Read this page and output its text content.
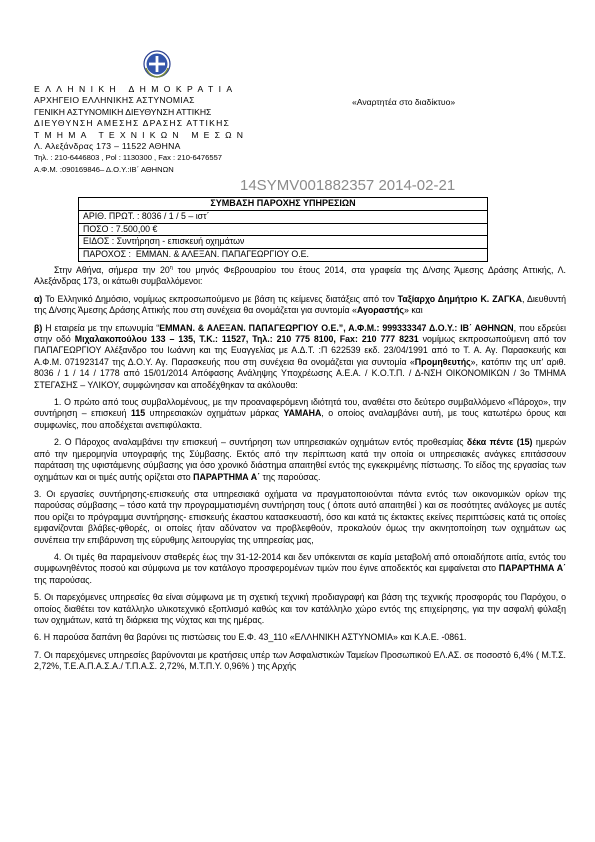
ΕΛΛΗΝΙΚΗ ΔΗΜΟΚΡΑΤΙΑ
ΑΡΧΗΓΕΙΟ ΕΛΛΗΝΙΚΗΣ ΑΣΤΥΝΟΜΙΑΣ
ΓΕΝΙΚΗ ΑΣΤΥΝΟΜΙΚΗ ΔΙΕΥΘΥΝΣΗ ΑΤΤΙΚΗΣ
ΔΙΕΥΘΥΝΣΗ ΑΜΕΣΗΣ ΔΡΑΣΗΣ ΑΤΤΙΚΗΣ
ΤΜΗΜΑ ΤΕΧΝΙΚΩΝ ΜΕΣΩΝ
Λ. Αλεξάνδρας 173 – 11522 ΑΘΗΝΑ
Τηλ. : 210-6446803 , Pol : 1130300 , Fax : 210-6476557
Α.Φ.Μ. :090169846– Δ.Ο.Υ.:ΙΒ΄ ΑΘΗΝΩΝ
«Αναρτητέα στο διαδίκτυο»
14SYMV001882357 2014-02-21
ΣΥΜΒΑΣΗ ΠΑΡΟΧΗΣ ΥΠΗΡΕΣΙΩΝ
ΑΡΙΘ. ΠΡΩΤ. : 8036 / 1 / 5 – ιστ΄
ΠΟΣΟ : 7.500,00 €
ΕΙΔΟΣ : Συντήρηση - επισκευή οχημάτων
ΠΑΡΟΧΟΣ : ΕΜΜΑΝ. & ΑΛΕΞΑΝ. ΠΑΠΑΓΕΩΡΓΙΟΥ Ο.Ε.

Στην Αθήνα, σήμερα την $20^\eta$ του μηνός Φεβρουαρίου του έτους 2014, στα γραφεία της Δ/νσης Άμεσης Δράσης Αττικής, Λ. Αλεξάνδρας 173, οι κάτωθι συμβαλλόμενοι:

α) Το Ελληνικό Δημόσιο, νομίμως εκπροσωπούμενο με βάση τις κείμενες διατάξεις από τον Ταξίαρχο Δημήτριο Κ. ΖΑΓΚΑ, Διευθυντή της Δ/νσης Άμεσης Δράσης Αττικής που στη συνέχεια θα ονομάζεται για συντομία «Αγοραστής» και

β) Η εταιρεία με την επωνυμία “ΕΜΜΑΝ. & ΑΛΕΞΑΝ. ΠΑΠΑΓΕΩΡΓΙΟΥ Ο.Ε.”, Α.Φ.Μ.: 999333347 Δ.Ο.Υ.: ΙΒ΄ ΑΘΗΝΩΝ, που εδρεύει στην οδό Μιχαλακοπούλου 133 – 135, Τ.Κ.: 11527, Τηλ.: 210 775 8100, Fax: 210 777 8231 νομίμως εκπροσωπούμενη από τον ΠΑΠΑΓΕΩΡΓΙΟΥ Αλέξανδρο του Ιωάννη και της Ευαγγελίας με Α.Δ.Τ. :Π 622539 εκδ. 23/04/1991 από το Τ. Α. Αγ. Παρασκευής και Α.Φ.Μ. 071923147 της Δ.Ο.Υ. Αγ. Παρασκευής που στη συνέχεια θα ονομάζεται για συντομία «Προμηθευτής», κατόπιν της υπ' αριθ. 8036 / 1 / 14 / 1778 από 15/01/2014 Απόφασης Ανάληψης Υποχρέωσης Α.Ε.Α. / Κ.Ο.Τ.Π. / Δ-ΝΣΗ ΟΙΚΟΝΟΜΙΚΩΝ / 3ο ΤΜΗΜΑ ΣΤΕΓΑΣΗΣ – ΥΛΙΚΟΥ, συμφώνησαν και αποδέχθηκαν τα ακόλουθα:

1. Ο πρώτο από τους συμβαλλομένους, με την προαναφερόμενη ιδιότητά του, αναθέτει στο δεύτερο συμβαλλόμενο «Πάροχο», την συντήρηση – επισκευή 115 υπηρεσιακών οχημάτων μάρκας YAMAHA, ο οποίος αναλαμβάνει αυτή, με τους κατωτέρω όρους και συμφωνίες, που αποδέχεται ανεπιφύλακτα.

2. Ο Πάροχος αναλαμβάνει την επισκευή – συντήρηση των υπηρεσιακών οχημάτων εντός προθεσμίας δέκα πέντε (15) ημερών από την ημερομηνία υπογραφής της Σύμβασης. Εκτός από την περίπτωση κατά την οποία οι υπηρεσιακές ανάγκες επιτάσσουν παράταση της υφιστάμενης σύμβασης για όσο χρονικό διάστημα απαιτηθεί εντός της εγκεκριμένης πίστωσης. Το είδος της εργασίας των οχημάτων και οι τιμές αυτής ορίζεται στο ΠΑΡΑΡΤΗΜΑ Α΄ της παρούσας.

3. Οι εργασίες συντήρησης-επισκευής στα υπηρεσιακά οχήματα να πραγματοποιούνται πάντα εντός των οικονομικών ορίων της παρούσας σύμβασης – τόσο κατά την προγραμματισμένη συντήρηση τους ( όποτε αυτό απαιτηθεί ) και σε ποσότητες ανάλογες με αυτές που ορίζει το πρόγραμμα συντήρησης- επισκευής έκαστου κατασκευαστή, όσο και κατά τις έκτακτες εκείνες περιπτώσεις κατά τις οποίες εμφανίζονται βλάβες-φθορές, οι οποίες ήταν αδύνατον να προβλεφθούν, προκαλούν όμως την ακινητοποίηση των οχημάτων ως συνέπεια την επιβάρυνση της εύρυθμης λειτουργίας της υπηρεσίας μας,

4. Οι τιμές θα παραμείνουν σταθερές έως την 31-12-2014 και δεν υπόκεινται σε καμία μεταβολή από οποιαδήποτε αιτία, εντός του συμφωνηθέντος ποσού και σύμφωνα με τον κατάλογο προσφερομένων τιμών που έγινε αποδεκτός και εμφαίνεται στο ΠΑΡΑΡΤΗΜΑ Α΄ της παρούσας.

5. Οι παρεχόμενες υπηρεσίες θα είναι σύμφωνα με τη σχετική τεχνική προδιαγραφή και βάση της τεχνικής προσφοράς του Παρόχου, ο οποίος διαθέτει τον κατάλληλο υλικοτεχνικό εξοπλισμό καθώς και τον κατάλληλο χώρο εντός της επιχείρησης, για την ασφαλή φύλαξη των οχημάτων, κατά τη διάρκεια της νύχτας και της ημέρας.

6. Η παρούσα δαπάνη θα βαρύνει τις πιστώσεις του Ε.Φ. 43_110 «ΕΛΛΗΝΙΚΗ ΑΣΤΥΝΟΜΙΑ» και Κ.Α.Ε. -0861.

7. Οι παρεχόμενες υπηρεσίες βαρύνονται με κρατήσεις υπέρ των Ασφαλιστικών Ταμείων Προσωπικού ΕΛ.ΑΣ. σε ποσοστό 6,4% ( Μ.Τ.Σ. 2,72%, Τ.Ε.Α.Π.Α.Σ.Α./ Τ.Π.Α.Σ. 2,72%, Μ.Τ.Π.Υ. 0,96% ) της Αρχής
